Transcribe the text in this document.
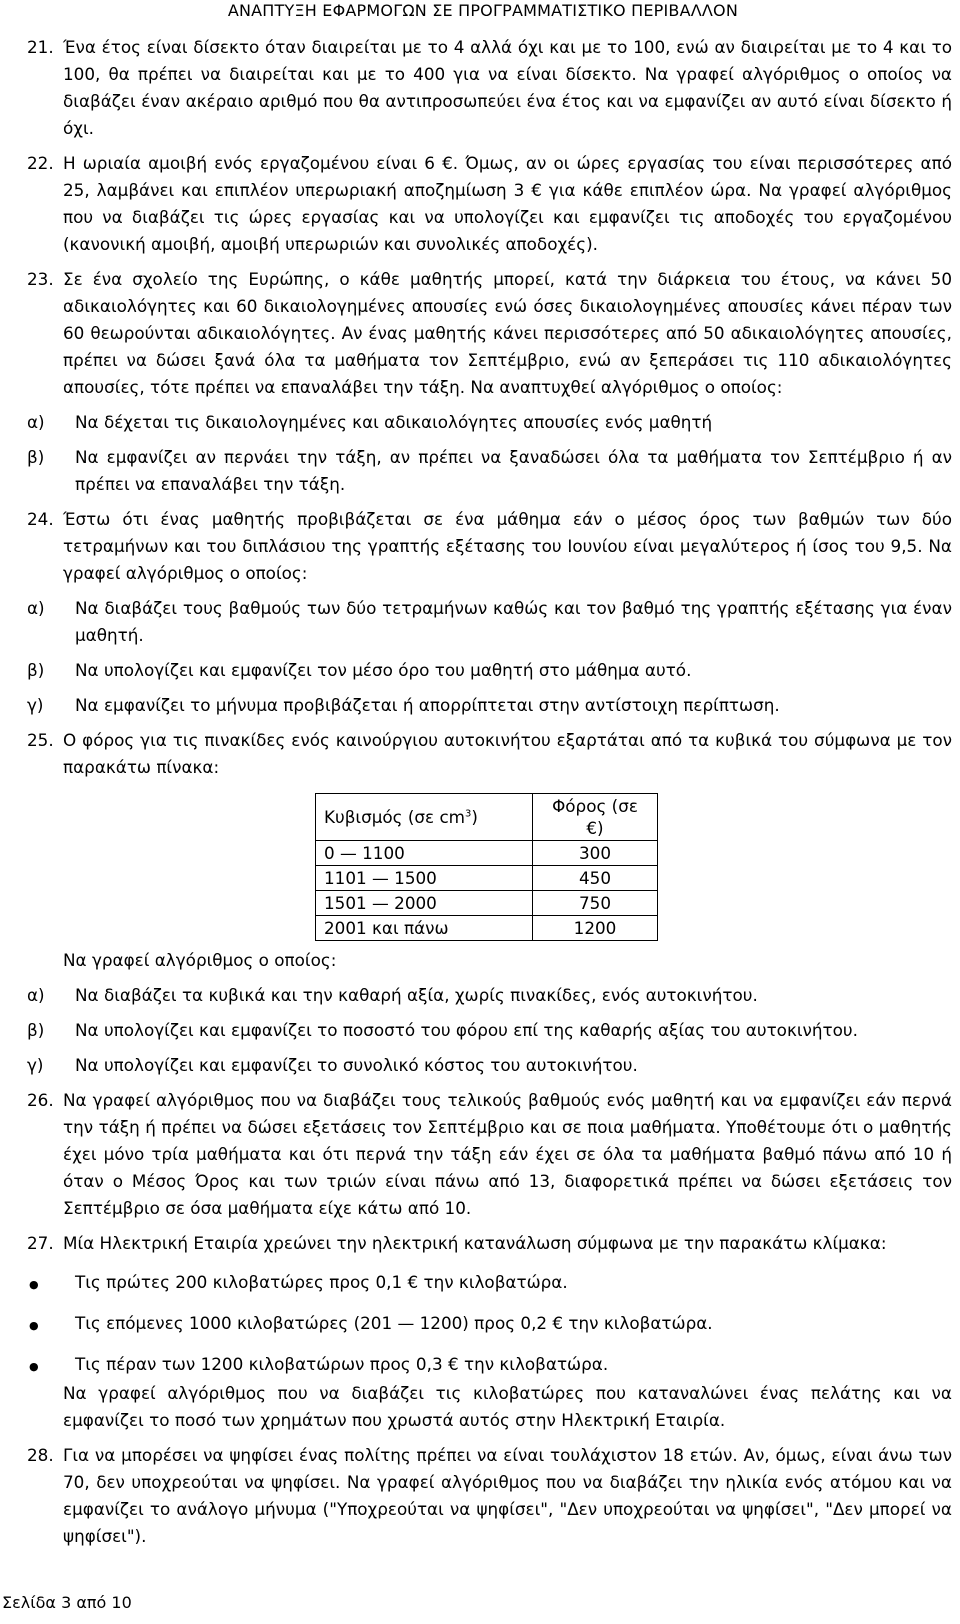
ΑΝΑΠΤΥΞΗ ΕΦΑΡΜΟΓΩΝ ΣΕ ΠΡΟΓΡΑΜΜΑΤΙΣΤΙΚΟ ΠΕΡΙΒΑΛΛΟΝ
21. Ένα έτος είναι δίσεκτο όταν διαιρείται με το 4 αλλά όχι και με το 100, ενώ αν διαιρείται με το 4 και το 100, θα πρέπει να διαιρείται και με το 400 για να είναι δίσεκτο. Να γραφεί αλγόριθμος ο οποίος να διαβάζει έναν ακέραιο αριθμό που θα αντιπροσωπεύει ένα έτος και να εμφανίζει αν αυτό είναι δίσεκτο ή όχι.

22. Η ωριαία αμοιβή ενός εργαζομένου είναι 6 €. Όμως, αν οι ώρες εργασίας του είναι περισσότερες από 25, λαμβάνει και επιπλέον υπερωριακή αποζημίωση 3 € για κάθε επιπλέον ώρα. Να γραφεί αλγόριθμος που να διαβάζει τις ώρες εργασίας και να υπολογίζει και εμφανίζει τις αποδοχές του εργαζομένου (κανονική αμοιβή, αμοιβή υπερωριών και συνολικές αποδοχές).

23. Σε ένα σχολείο της Ευρώπης, ο κάθε μαθητής μπορεί, κατά την διάρκεια του έτους, να κάνει 50 αδικαιολόγητες και 60 δικαιολογημένες απουσίες ενώ όσες δικαιολογημένες απουσίες κάνει πέραν των 60 θεωρούνται αδικαιολόγητες. Αν ένας μαθητής κάνει περισσότερες από 50 αδικαιολόγητες απουσίες, πρέπει να δώσει ξανά όλα τα μαθήματα τον Σεπτέμβριο, ενώ αν ξεπεράσει τις 110 αδικαιολόγητες απουσίες, τότε πρέπει να επαναλάβει την τάξη. Να αναπτυχθεί αλγόριθμος ο οποίος:

α)	Να δέχεται τις δικαιολογημένες και αδικαιολόγητες απουσίες ενός μαθητή
β)	Να εμφανίζει αν περνάει την τάξη, αν πρέπει να ξαναδώσει όλα τα μαθήματα τον Σεπτέμβριο ή αν πρέπει να επαναλάβει την τάξη.
24. Έστω ότι ένας μαθητής προβιβάζεται σε ένα μάθημα εάν ο μέσος όρος των βαθμών των δύο τετραμήνων και του διπλάσιου της γραπτής εξέτασης του Ιουνίου είναι μεγαλύτερος ή ίσος του 9,5. Να γραφεί αλγόριθμος ο οποίος:

α)	Να διαβάζει τους βαθμούς των δύο τετραμήνων καθώς και τον βαθμό της γραπτής εξέτασης για έναν μαθητή.
β)	Να υπολογίζει και εμφανίζει τον μέσο όρο του μαθητή στο μάθημα αυτό.
γ)	Να εμφανίζει το μήνυμα προβιβάζεται ή απορρίπτεται στην αντίστοιχη περίπτωση.
25. Ο φόρος για τις πινακίδες ενός καινούργιου αυτοκινήτου εξαρτάται από τα κυβικά του σύμφωνα με τον παρακάτω πίνακα:

Κυβισμός (σε $cm^3$)	Φόρος (σε €)
0 — 1100	300
1101 — 1500	450
1501 — 2000	750
2001 και πάνω	1200

Να γραφεί αλγόριθμος ο οποίος:

α)	Να διαβάζει τα κυβικά και την καθαρή αξία, χωρίς πινακίδες, ενός αυτοκινήτου.
β)	Να υπολογίζει και εμφανίζει το ποσοστό του φόρου επί της καθαρής αξίας του αυτοκινήτου.
γ)	Να υπολογίζει και εμφανίζει το συνολικό κόστος του αυτοκινήτου.
26. Να γραφεί αλγόριθμος που να διαβάζει τους τελικούς βαθμούς ενός μαθητή και να εμφανίζει εάν περνά την τάξη ή πρέπει να δώσει εξετάσεις τον Σεπτέμβριο και σε ποια μαθήματα. Υποθέτουμε ότι ο μαθητής έχει μόνο τρία μαθήματα και ότι περνά την τάξη εάν έχει σε όλα τα μαθήματα βαθμό πάνω από 10 ή όταν ο Μέσος Όρος και των τριών είναι πάνω από 13, διαφορετικά πρέπει να δώσει εξετάσεις τον Σεπτέμβριο σε όσα μαθήματα είχε κάτω από 10.

27. Μία Ηλεκτρική Εταιρία χρεώνει την ηλεκτρική κατανάλωση σύμφωνα με την παρακάτω κλίμακα:

●
Τις πρώτες 200 κιλοβατώρες προς 0,1 € την κιλοβατώρα.
●
Τις επόμενες 1000 κιλοβατώρες (201 — 1200) προς 0,2 € την κιλοβατώρα.
●
Τις πέραν των 1200 κιλοβατώρων προς 0,3 € την κιλοβατώρα.

Να γραφεί αλγόριθμος που να διαβάζει τις κιλοβατώρες που καταναλώνει ένας πελάτης και να εμφανίζει το ποσό των χρημάτων που χρωστά αυτός στην Ηλεκτρική Εταιρία.

28. Για να μπορέσει να ψηφίσει ένας πολίτης πρέπει να είναι τουλάχιστον 18 ετών. Αν, όμως, είναι άνω των 70, δεν υποχρεούται να ψηφίσει. Να γραφεί αλγόριθμος που να διαβάζει την ηλικία ενός ατόμου και να εμφανίζει το ανάλογο μήνυμα ("Υποχρεούται να ψηφίσει", "Δεν υποχρεούται να ψηφίσει", "Δεν μπορεί να ψηφίσει").

Σελίδα 3 από 10
